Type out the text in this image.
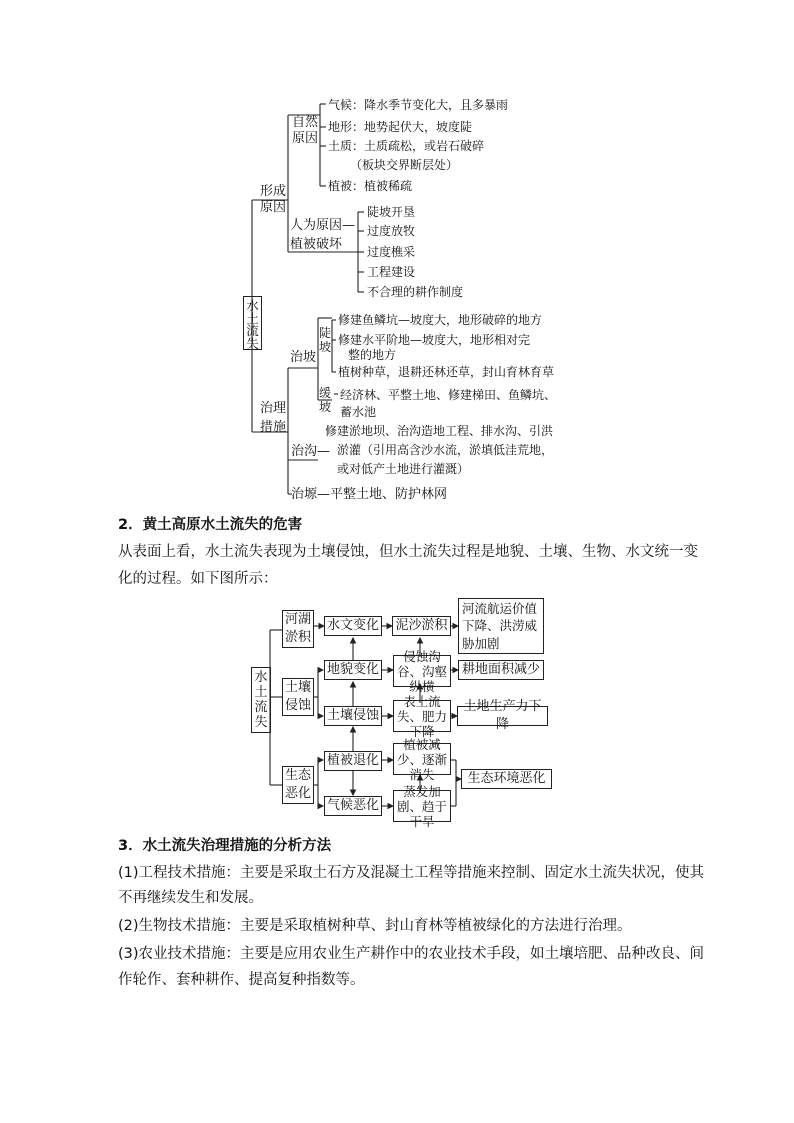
水土流失
形成原因
自然原因
气候：降水季节变化大，且多暴雨
地形：地势起伏大，坡度陡
土质：土质疏松，或岩石破碎
（板块交界断层处）
植被：植被稀疏
人为原因—
植被破坏
陡坡开垦
过度放牧
过度樵采
工程建设
不合理的耕作制度
治理措施
治坡
陡坡
修建鱼鳞坑—坡度大，地形破碎的地方
修建水平阶地—坡度大，地形相对完
整的地方
植树种草，退耕还林还草，封山育林育草
缓坡
经济林、平整土地、修建梯田、鱼鳞坑、
蓄水池
治沟—
修建淤地坝、治沟造地工程、排水沟、引洪
淤灌（引用高含沙水流，淤填低洼荒地，
或对低产土地进行灌溉）
治塬—平整土地、防护林网
2．黄土高原水土流失的危害
从表面上看，水土流失表现为土壤侵蚀，但水土流失过程是地貌、土壤、生物、水文统一变
化的过程。如下图所示：
水土流失
河湖淤积
土壤侵蚀
生态恶化
水文变化 泥沙淤积
河流航运价值下降、洪涝威胁加剧
地貌变化
侵蚀沟谷、沟壑纵横
耕地面积减少
土壤侵蚀
表土流失、肥力下降
土地生产力下降
植被退化
植被减少、逐渐消失	生态环境恶化
气候恶化
蒸发加剧、趋于干旱
3．水土流失治理措施的分析方法
(1)工程技术措施：主要是采取土石方及混凝土工程等措施来控制、固定水土流失状况，使其
不再继续发生和发展。
(2)生物技术措施：主要是采取植树种草、封山育林等植被绿化的方法进行治理。
(3)农业技术措施：主要是应用农业生产耕作中的农业技术手段，如土壤培肥、品种改良、间
作轮作、套种耕作、提高复种指数等。
